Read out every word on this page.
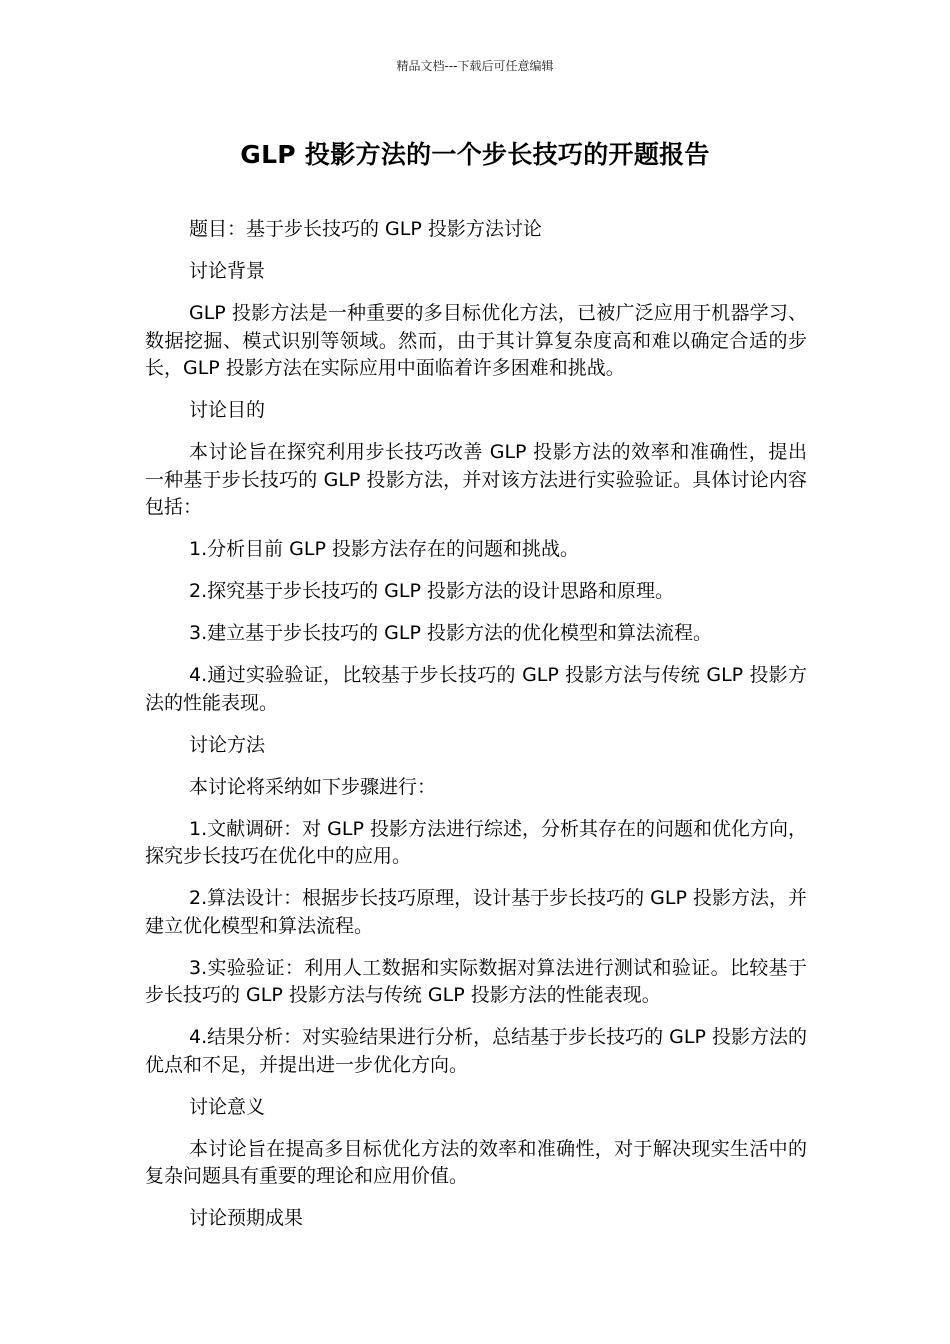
精品文档---下载后可任意编辑
GLP 投影方法的一个步长技巧的开题报告

题目：基于步长技巧的 GLP 投影方法讨论

讨论背景

GLP 投影方法是一种重要的多目标优化方法，已被广泛应用于机器学习、数据挖掘、模式识别等领域。然而，由于其计算复杂度高和难以确定合适的步长，GLP 投影方法在实际应用中面临着许多困难和挑战。

讨论目的

本讨论旨在探究利用步长技巧改善 GLP 投影方法的效率和准确性，提出一种基于步长技巧的 GLP 投影方法，并对该方法进行实验验证。具体讨论内容包括：

1.分析目前 GLP 投影方法存在的问题和挑战。

2.探究基于步长技巧的 GLP 投影方法的设计思路和原理。

3.建立基于步长技巧的 GLP 投影方法的优化模型和算法流程。

4.通过实验验证，比较基于步长技巧的 GLP 投影方法与传统 GLP 投影方法的性能表现。

讨论方法

本讨论将采纳如下步骤进行：

1.文献调研：对 GLP 投影方法进行综述，分析其存在的问题和优化方向，探究步长技巧在优化中的应用。

2.算法设计：根据步长技巧原理，设计基于步长技巧的 GLP 投影方法，并建立优化模型和算法流程。

3.实验验证：利用人工数据和实际数据对算法进行测试和验证。比较基于步长技巧的 GLP 投影方法与传统 GLP 投影方法的性能表现。

4.结果分析：对实验结果进行分析，总结基于步长技巧的 GLP 投影方法的优点和不足，并提出进一步优化方向。

讨论意义

本讨论旨在提高多目标优化方法的效率和准确性，对于解决现实生活中的复杂问题具有重要的理论和应用价值。

讨论预期成果
